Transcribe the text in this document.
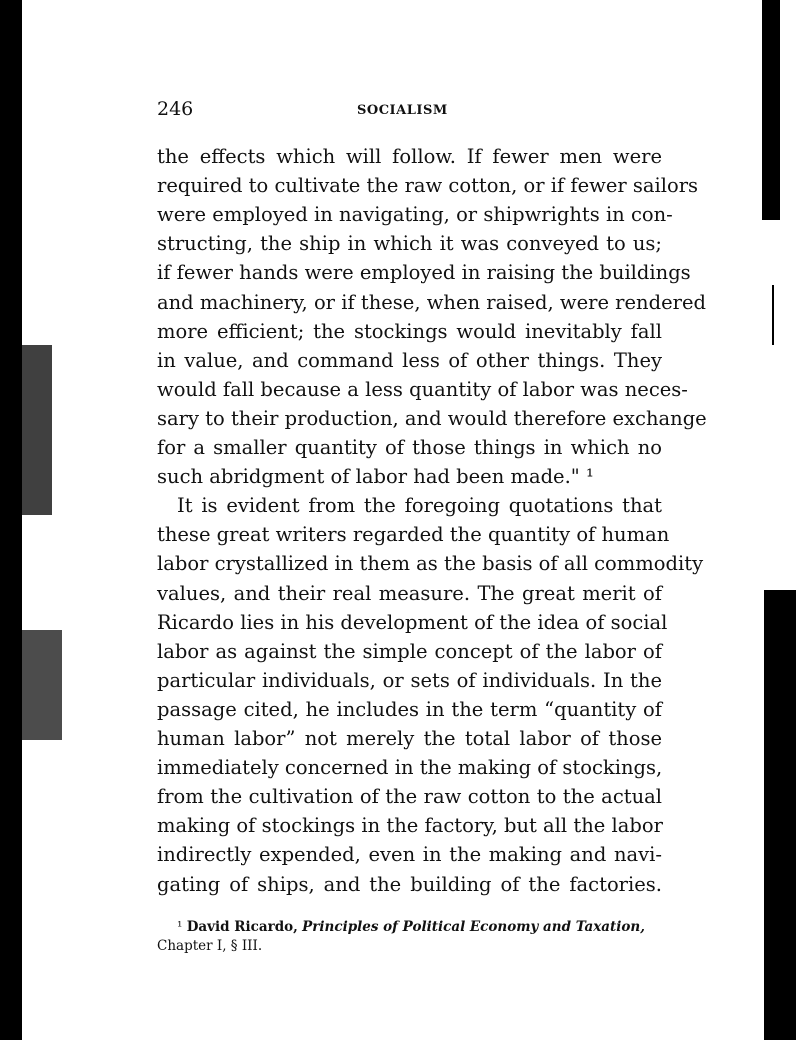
246	SOCIALISM
the effects which will follow. If fewer men were
required to cultivate the raw cotton, or if fewer sailors
were employed in navigating, or shipwrights in con-
structing, the ship in which it was conveyed to us;
if fewer hands were employed in raising the buildings
and machinery, or if these, when raised, were rendered
more efficient; the stockings would inevitably fall
in value, and command less of other things. They
would fall because a less quantity of labor was neces-
sary to their production, and would therefore exchange
for a smaller quantity of those things in which no
such abridgment of labor had been made." ¹
It is evident from the foregoing quotations that
these great writers regarded the quantity of human
labor crystallized in them as the basis of all commodity
values, and their real measure. The great merit of
Ricardo lies in his development of the idea of social
labor as against the simple concept of the labor of
particular individuals, or sets of individuals. In the
passage cited, he includes in the term “quantity of
human labor” not merely the total labor of those
immediately concerned in the making of stockings,
from the cultivation of the raw cotton to the actual
making of stockings in the factory, but all the labor
indirectly expended, even in the making and navi-
gating of ships, and the building of the factories.
¹ David Ricardo, Principles of Political Economy and Taxation,
Chapter I, § III.
